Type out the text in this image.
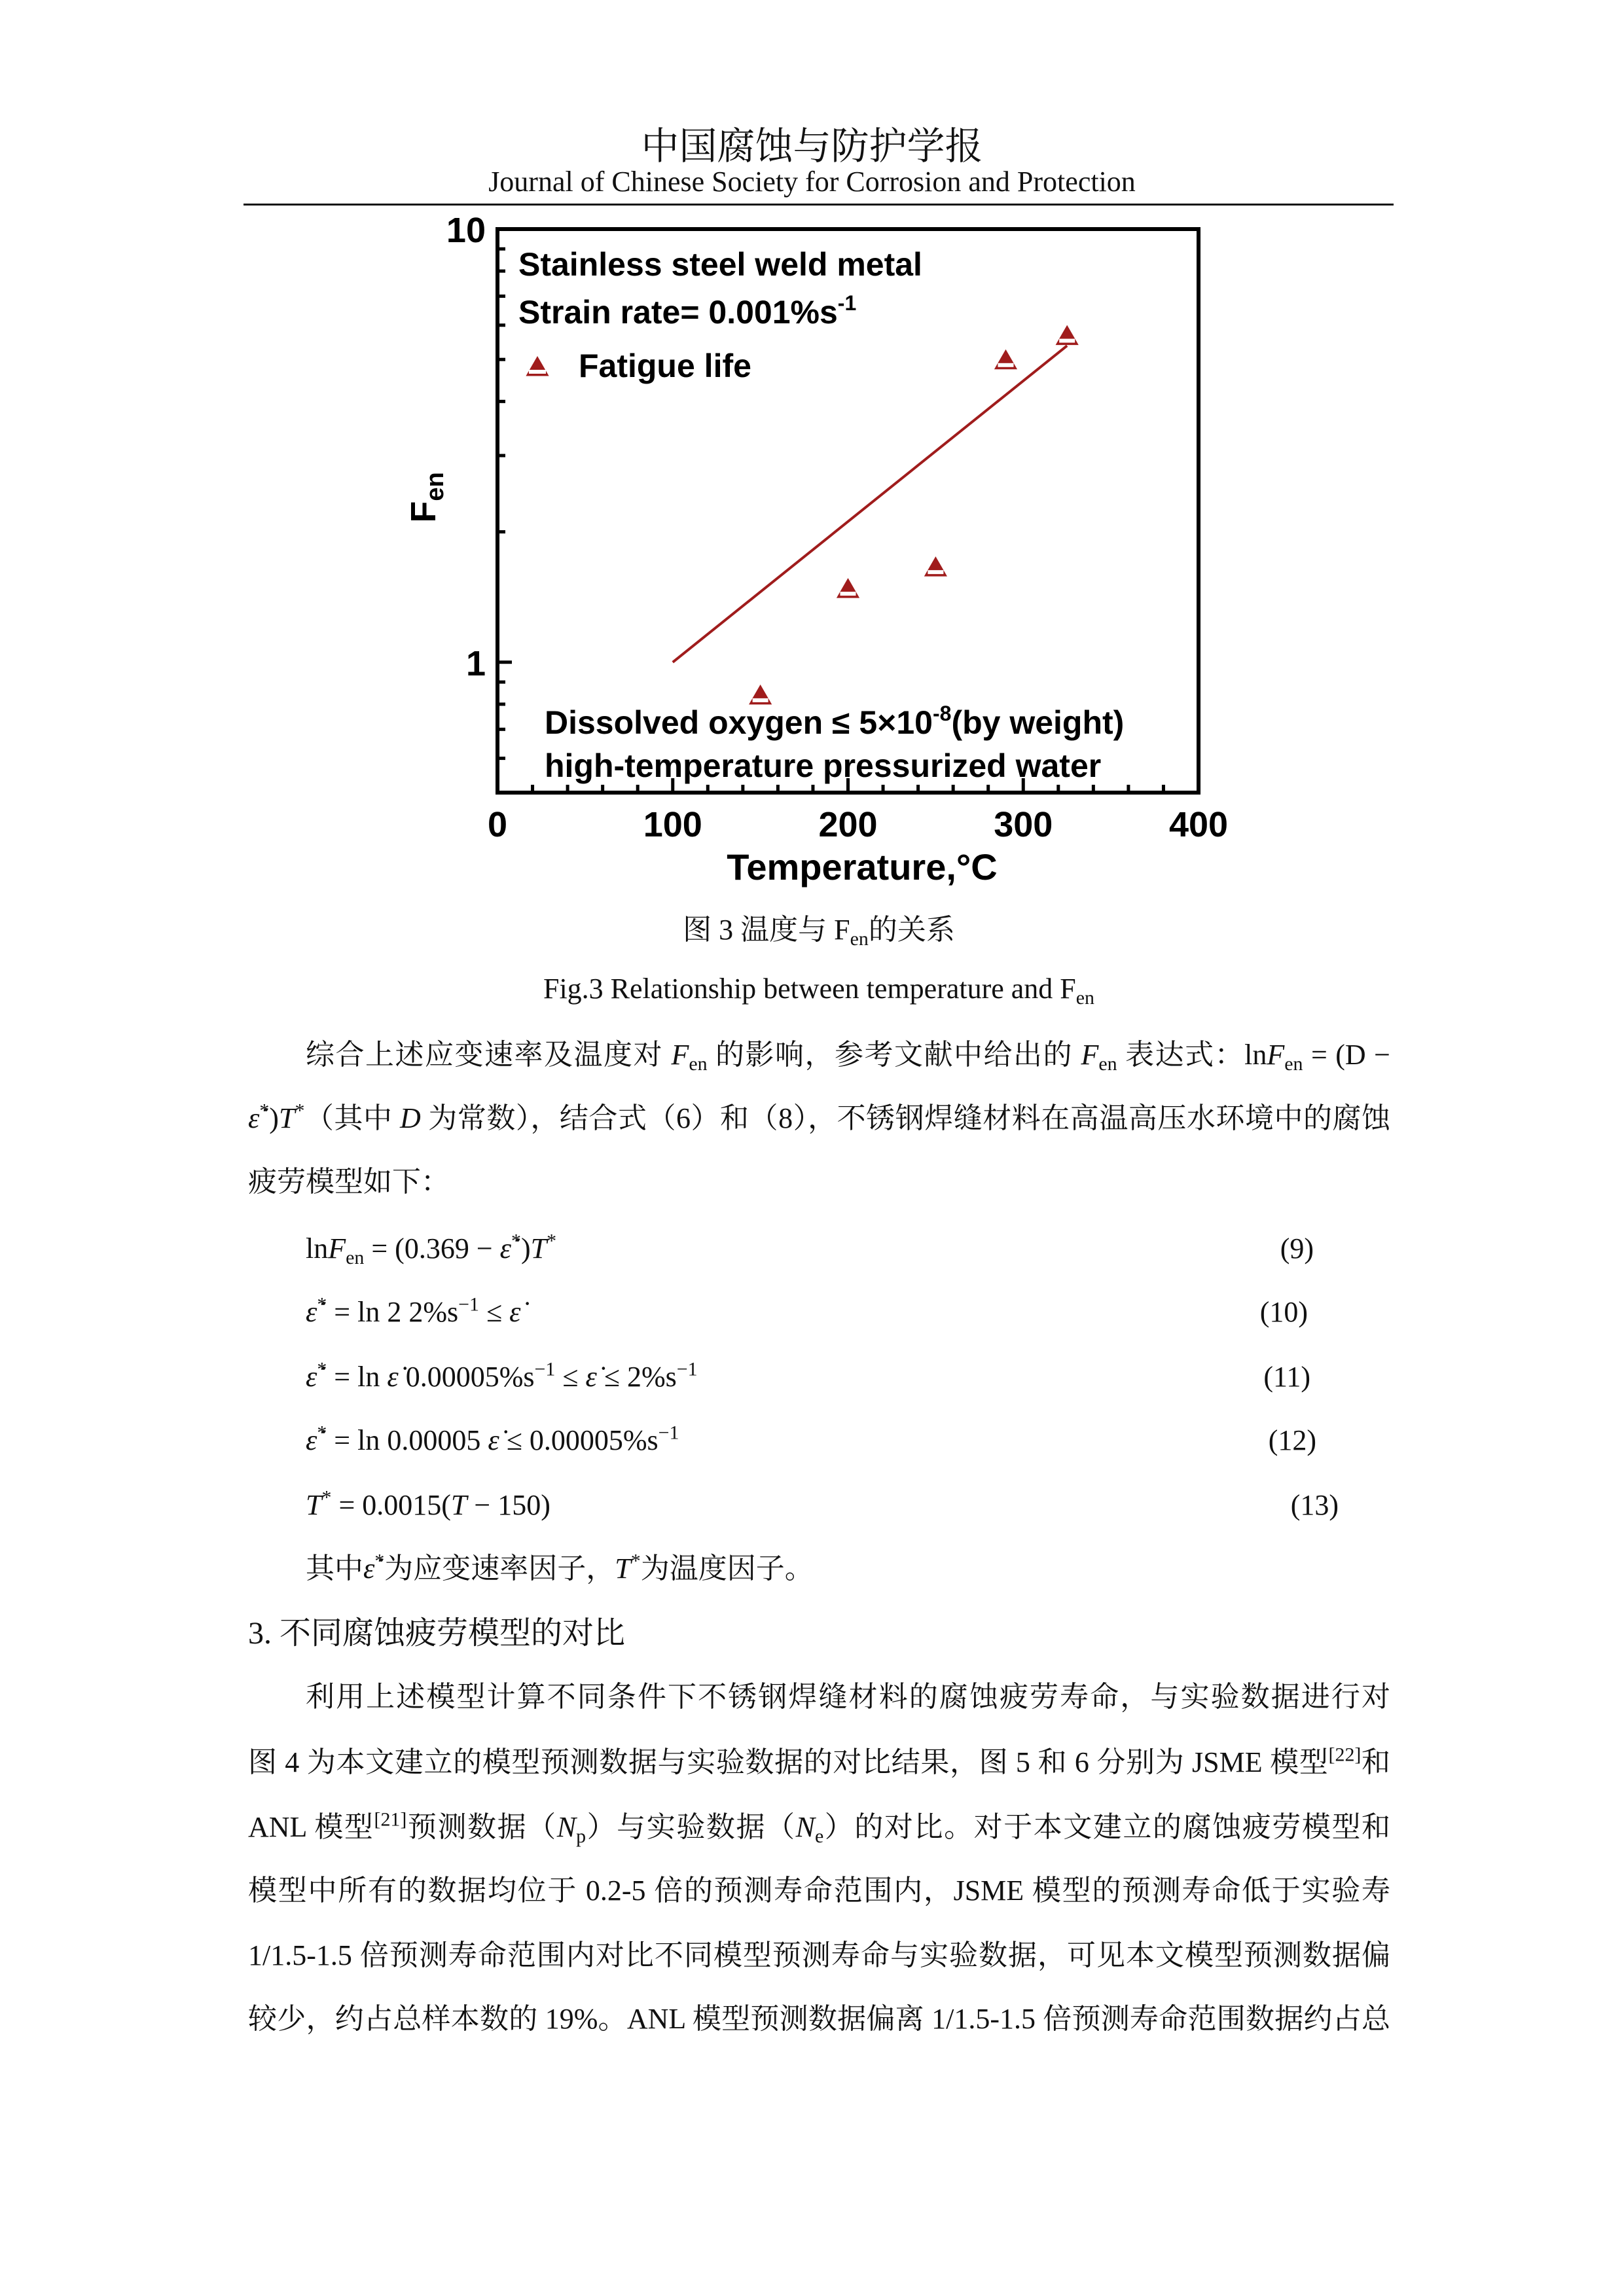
中国腐蚀与防护学报
Journal of Chinese Society for Corrosion and Protection
0	100	200	300	400
1
10
Stainless steel weld metal
Strain rate= $0.001\%s^{-1}$
Fatigue life
Dissolved oxygen ≤ $5\times 10^{-8}(by$ weight)
high-temperature pressurized water
Temperature,°C
$F_{en}$
图 3 温度与 $F_{en}$的关系
Fig.3 Relationship between temperature and $F_{en}$
综合上述应变速率及温度对 $F_{en}$ 的影响，参考文献中给出的 $F_{en}$ 表达式：lnF$_{en}$ = (D −
ε̇*)T*（其中 D 为常数），结合式（6）和（8），不锈钢焊缝材料在高温高压水环境中的腐蚀
疲劳模型如下：
lnF$_{en}$ = (0.369 − ε̇*)T*	(9)
ε̇* = ln 2 $2\%s^{-1}$ ≤ ε̇	(10)
ε̇* = ln ε̇ $0.00005\%s^{-1}$ ≤ ε̇ ≤ $2\%s^{-1}$	(11)
ε̇* = ln 0.00005 ε̇ ≤ $0.00005\%s^{-1}$	(12)
T* = 0.0015(T − 150)	(13)
其中ε̇*为应变速率因子，T*为温度因子。
3. 不同腐蚀疲劳模型的对比
利用上述模型计算不同条件下不锈钢焊缝材料的腐蚀疲劳寿命，与实验数据进行对
图 4 为本文建立的模型预测数据与实验数据的对比结果，图 5 和 6 分别为 JSME 模型[22]和
ANL 模型[21]预测数据$(N_p)$与实验数据$(N_e)$的对比。对于本文建立的腐蚀疲劳模型和
模型中所有的数据均位于 0.2-5 倍的预测寿命范围内，JSME 模型的预测寿命低于实验寿
1/1.5-1.5 倍预测寿命范围内对比不同模型预测寿命与实验数据，可见本文模型预测数据偏
较少，约占总样本数的 19%。ANL 模型预测数据偏离 1/1.5-1.5 倍预测寿命范围数据约占总
